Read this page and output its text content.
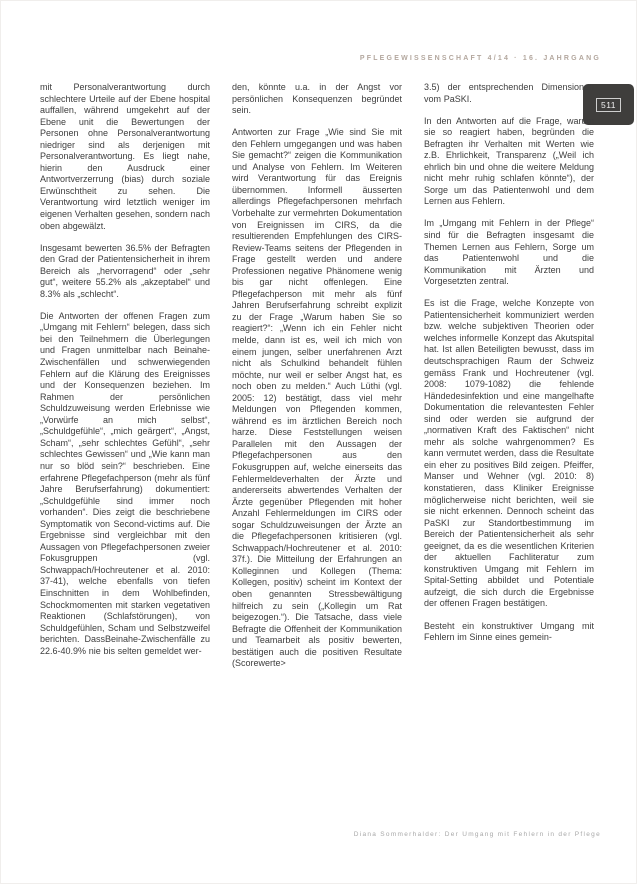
PFLEGEWISSENSCHAFT 4/14 · 16. JAHRGANG
511

mit Personalverantwortung durch schlechtere Urteile auf der Ebene hospital auffallen, während umgekehrt auf der Ebene unit die Bewertungen der Personen ohne Personalverantwortung niedriger sind als derjenigen mit Personalverantwortung. Es liegt nahe, hierin den Ausdruck einer Antwortverzerrung (bias) durch soziale Erwünschtheit zu sehen. Die Verantwortung wird letztlich weniger im eigenen Verhalten gesehen, sondern nach oben abgewälzt.

Insgesamt bewerten 36.5% der Befragten den Grad der Patientensicherheit in ihrem Bereich als „hervorragend“ oder „sehr gut“, weitere 55.2% als „akzeptabel“ und 8.3% als „schlecht“.

Die Antworten der offenen Fragen zum „Umgang mit Fehlern“ belegen, dass sich bei den Teilnehmern die Überlegungen und Fragen unmittelbar nach Beinahe-Zwischenfällen und schwerwiegenden Fehlern auf die Klärung des Ereignisses und der Konsequenzen beziehen. Im Rahmen der persönlichen Schuldzuweisung werden Erlebnisse wie „Vorwürfe an mich selbst“, „Schuldgefühle“, „mich geärgert“, „Angst, Scham“, „sehr schlechtes Gefühl“, „sehr schlechtes Gewissen“ und „Wie kann man nur so blöd sein?“ beschrieben. Eine erfahrene Pflegefachperson (mehr als fünf Jahre Berufserfahrung) dokumentiert: „Schuldgefühle sind immer noch vorhanden“. Dies zeigt die beschriebene Symptomatik von Second-victims auf. Die Ergebnisse sind vergleichbar mit den Aussagen von Pflegefachpersonen zweier Fokusgruppen (vgl. Schwappach/Hochreutener et al. 2010: 37-41), welche ebenfalls von tiefen Einschnitten in dem Wohlbefinden, Schockmomenten mit starken vegetativen Reaktionen (Schlafstörungen), von Schuldgefühlen, Scham und Selbstzweifel berichten. DassBeinahe-Zwischenfälle zu 22.6-40.9% nie bis selten gemeldet wer-

den, könnte u.a. in der Angst vor persönlichen Konsequenzen begründet sein.

Antworten zur Frage „Wie sind Sie mit den Fehlern umgegangen und was haben Sie gemacht?“ zeigen die Kommunikation und Analyse von Fehlern. Im Weiteren wird Verantwortung für das Ereignis übernommen. Informell äusserten allerdings Pflegefachpersonen mehrfach Vorbehalte zur vermehrten Dokumentation von Ereignissen im CIRS, da die resultierenden Empfehlungen des CIRS-Review-Teams seitens der Pflegenden in Frage gestellt werden und andere Professionen negative Phänomene wenig bis gar nicht offenlegen. Eine Pflegefachperson mit mehr als fünf Jahren Berufserfahrung schreibt explizit zu der Frage „Warum haben Sie so reagiert?“: „Wenn ich ein Fehler nicht melde, dann ist es, weil ich mich von einem jungen, selber unerfahrenen Arzt nicht als Schulkind behandelt fühlen möchte, nur weil er selber Angst hat, es noch oben zu melden.“ Auch Lüthi (vgl. 2005: 12) bestätigt, dass viel mehr Meldungen von Pflegenden kommen, während es im ärztlichen Bereich noch harze. Diese Feststellungen weisen Parallelen mit den Aussagen der Pflegefachpersonen aus den Fokusgruppen auf, welche einerseits das Fehlermeldeverhalten der Ärzte und andererseits abwertendes Verhalten der Ärzte gegenüber Pflegenden mit hoher Anzahl Fehlermeldungen im CIRS oder sogar Schuldzuweisungen der Ärzte an die Pflegefachpersonen kritisieren (vgl. Schwappach/Hochreutener et al. 2010: 37f.). Die Mitteilung der Erfahrungen an Kolleginnen und Kollegen (Thema: Kollegen, positiv) scheint im Kontext der oben genannten Stressbewältigung hilfreich zu sein („Kollegin um Rat beigezogen.“). Die Tatsache, dass viele Befragte die Offenheit der Kommunikation und Teamarbeit als positiv bewerten, bestätigen auch die positiven Resultate (Scorewerte>

3.5) der entsprechenden Dimensionen vom PaSKI.

In den Antworten auf die Frage, warum sie so reagiert haben, begründen die Befragten ihr Verhalten mit Werten wie z.B. Ehrlichkeit, Transparenz („Weil ich ehrlich bin und ohne die weitere Meldung nicht mehr ruhig schlafen könnte“), der Sorge um das Patientenwohl und dem Lernen aus Fehlern.

Im „Umgang mit Fehlern in der Pflege“ sind für die Befragten insgesamt die Themen Lernen aus Fehlern, Sorge um das Patientenwohl und die Kommunikation mit Ärzten und Vorgesetzten zentral.

Es ist die Frage, welche Konzepte von Patientensicherheit kommuniziert werden bzw. welche subjektiven Theorien oder welches informelle Konzept das Akutspital hat. Ist allen Beteiligten bewusst, dass im deutschsprachigen Raum der Schweiz gemäss Frank und Hochreutener (vgl. 2008: 1079-1082) die fehlende Händedesinfektion und eine mangelhafte Dokumentation die relevantesten Fehler sind oder werden sie aufgrund der „normativen Kraft des Faktischen“ nicht mehr als solche wahrgenommen? Es kann vermutet werden, dass die Resultate ein eher zu positives Bild zeigen. Pfeiffer, Manser und Wehner (vgl. 2010: 8) konstatieren, dass Kliniker Ereignisse möglicherweise nicht berichten, weil sie sie nicht erkennen. Dennoch scheint das PaSKI zur Standortbestimmung im Bereich der Patientensicherheit als sehr geeignet, da es die wesentlichen Kriterien der aktuellen Fachliteratur zum konstruktiven Umgang mit Fehlern im Spital-Setting abbildet und Potentiale aufzeigt, die sich durch die Ergebnisse der offenen Fragen bestätigen.

Besteht ein konstruktiver Umgang mit Fehlern im Sinne eines gemein-

Diana Sommerhalder: Der Umgang mit Fehlern in der Pflege
